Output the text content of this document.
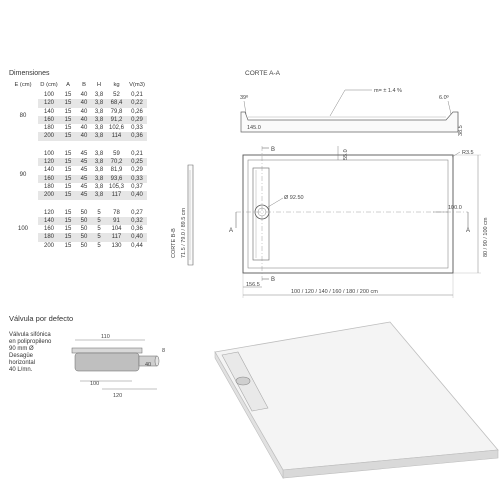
Dimensiones
E (cm)	D (cm)	A	B	H	kg	V(m3)
80	100	15	40	3,8	52	0,21
	120	15	40	3,8	68,4	0,22
	140	15	40	3,8	79,8	0,26
	160	15	40	3,8	91,2	0,29
	180	15	40	3,8	102,6	0,33
	200	15	40	3,8	114	0,36

90	100	15	45	3,8	59	0,21
	120	15	45	3,8	70,2	0,25
	140	15	45	3,8	81,9	0,29
	160	15	45	3,8	93,6	0,33
	180	15	45	3,8	105,3	0,37
	200	15	45	3,8	117	0,40

100	120	15	50	5	78	0,27
	140	15	50	5	91	0,32
	160	15	50	5	104	0,36
	180	15	50	5	117	0,40
	200	15	50	5	130	0,44
CORTE A-A
39º
m= ± 1.4 %
6.0º
145.0	38.5
B
B
A	A
55.0	R3.5
Ø 92.50
100.0
80 / 90 / 100 cm
100 / 120 / 140 / 160 / 180 / 200 cm
156.5
71.5 / 79.0 / 89.5 cm
CORTE B-B
Válvula por defecto
Válvula sifónica
en polipropileno
90 mm Ø
Desagüe
horizontal
40 L/mn.
110
8
40
100
120
